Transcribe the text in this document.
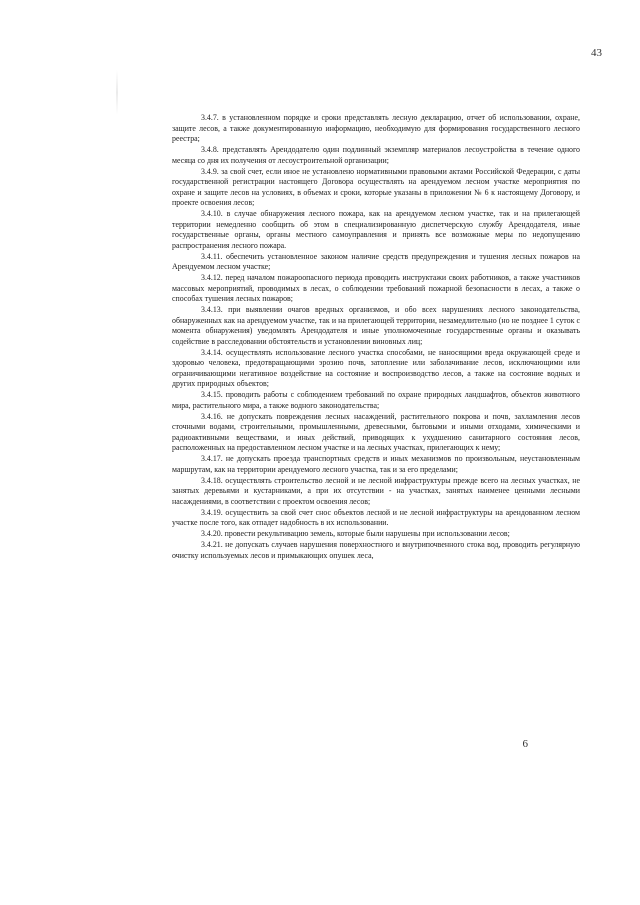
43

3.4.7. в установленном порядке и сроки представлять лесную декларацию, отчет об использовании, охране, защите лесов, а также документированную информацию, необходимую для формирования государственного лесного реестра;

3.4.8. представлять Арендодателю один подлинный экземпляр материалов лесоустройства в течение одного месяца со дня их получения от лесоустроительной организации;

3.4.9. за свой счет, если иное не установлено нормативными правовыми актами Российской Федерации, с даты государственной регистрации настоящего Договора осуществлять на арендуемом лесном участке мероприятия по охране и защите лесов на условиях, в объемах и сроки, которые указаны в приложении № 6 к настоящему Договору, и проекте освоения лесов;

3.4.10. в случае обнаружения лесного пожара, как на арендуемом лесном участке, так и на прилегающей территории немедленно сообщить об этом в специализированную диспетчерскую службу Арендодателя, иные государственные органы, органы местного самоуправления и принять все возможные меры по недопущению распространения лесного пожара.

3.4.11. обеспечить установленное законом наличие средств предупреждения и тушения лесных пожаров на Арендуемом лесном участке;

3.4.12. перед началом пожароопасного периода проводить инструктажи своих работников, а также участников массовых мероприятий, проводимых в лесах, о соблюдении требований пожарной безопасности в лесах, а также о способах тушения лесных пожаров;

3.4.13. при выявлении очагов вредных организмов, и обо всех нарушениях лесного законодательства, обнаруженных как на арендуемом участке, так и на прилегающей территории, незамедлительно (но не позднее 1 суток с момента обнаружения) уведомлять Арендодателя и иные уполномоченные государственные органы и оказывать содействие в расследовании обстоятельств и установлении виновных лиц;

3.4.14. осуществлять использование лесного участка способами, не наносящими вреда окружающей среде и здоровью человека, предотвращающими эрозию почв, затопление или заболачивание лесов, исключающими или ограничивающими негативное воздействие на состояние и воспроизводство лесов, а также на состояние водных и других природных объектов;

3.4.15. проводить работы с соблюдением требований по охране природных ландшафтов, объектов животного мира, растительного мира, а также водного законодательства;

3.4.16. не допускать повреждения лесных насаждений, растительного покрова и почв, захламления лесов сточными водами, строительными, промышленными, древесными, бытовыми и иными отходами, химическими и радиоактивными веществами, и иных действий, приводящих к ухудшению санитарного состояния лесов, расположенных на предоставленном лесном участке и на лесных участках, прилегающих к нему;

3.4.17. не допускать проезда транспортных средств и иных механизмов по произвольным, неустановленным маршрутам, как на территории арендуемого лесного участка, так и за его пределами;

3.4.18. осуществлять строительство лесной и не лесной инфраструктуры прежде всего на лесных участках, не занятых деревьями и кустарниками, а при их отсутствии - на участках, занятых наименее ценными лесными насаждениями, в соответствии с проектом освоения лесов;

3.4.19. осуществить за свой счет снос объектов лесной и не лесной инфраструктуры на арендованном лесном участке после того, как отпадет надобность в их использовании.

3.4.20. провести рекультивацию земель, которые были нарушены при использовании лесов;

3.4.21. не допускать случаев нарушения поверхностного и внутрипочвенного стока вод, проводить регулярную очистку используемых лесов и примыкающих опушек леса,

6
